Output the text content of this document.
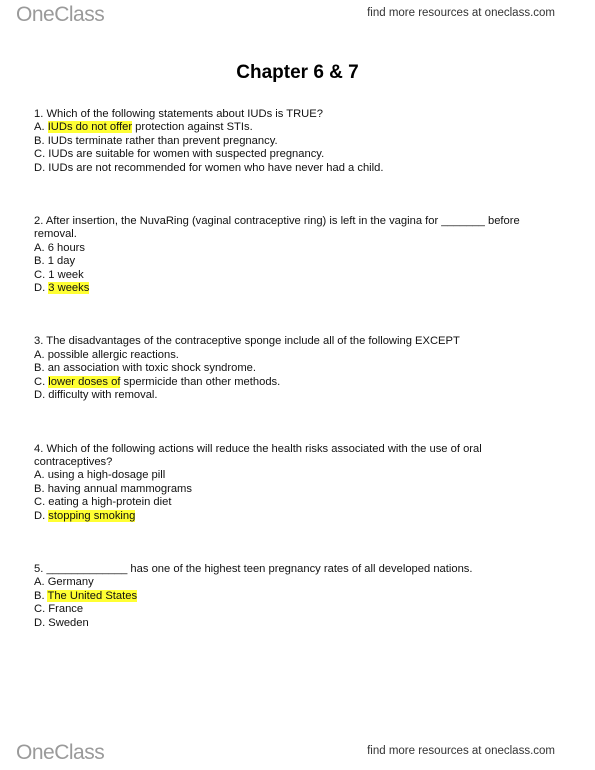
OneClass	find more resources at oneclass.com
Chapter 6 & 7

1. Which of the following statements about IUDs is TRUE?

A. IUDs do not offer protection against STIs.

B. IUDs terminate rather than prevent pregnancy.

C. IUDs are suitable for women with suspected pregnancy.

D. IUDs are not recommended for women who have never had a child.

2. After insertion, the NuvaRing (vaginal contraceptive ring) is left in the vagina for _______ before removal.

A. 6 hours

B. 1 day

C. 1 week

D. 3 weeks

3. The disadvantages of the contraceptive sponge include all of the following EXCEPT

A. possible allergic reactions.

B. an association with toxic shock syndrome.

C. lower doses of spermicide than other methods.

D. difficulty with removal.

4. Which of the following actions will reduce the health risks associated with the use of oral contraceptives?

A. using a high-dosage pill

B. having annual mammograms

C. eating a high-protein diet

D. stopping smoking

5. _____________ has one of the highest teen pregnancy rates of all developed nations.

A. Germany

B. The United States

C. France

D. Sweden

OneClass	find more resources at oneclass.com
